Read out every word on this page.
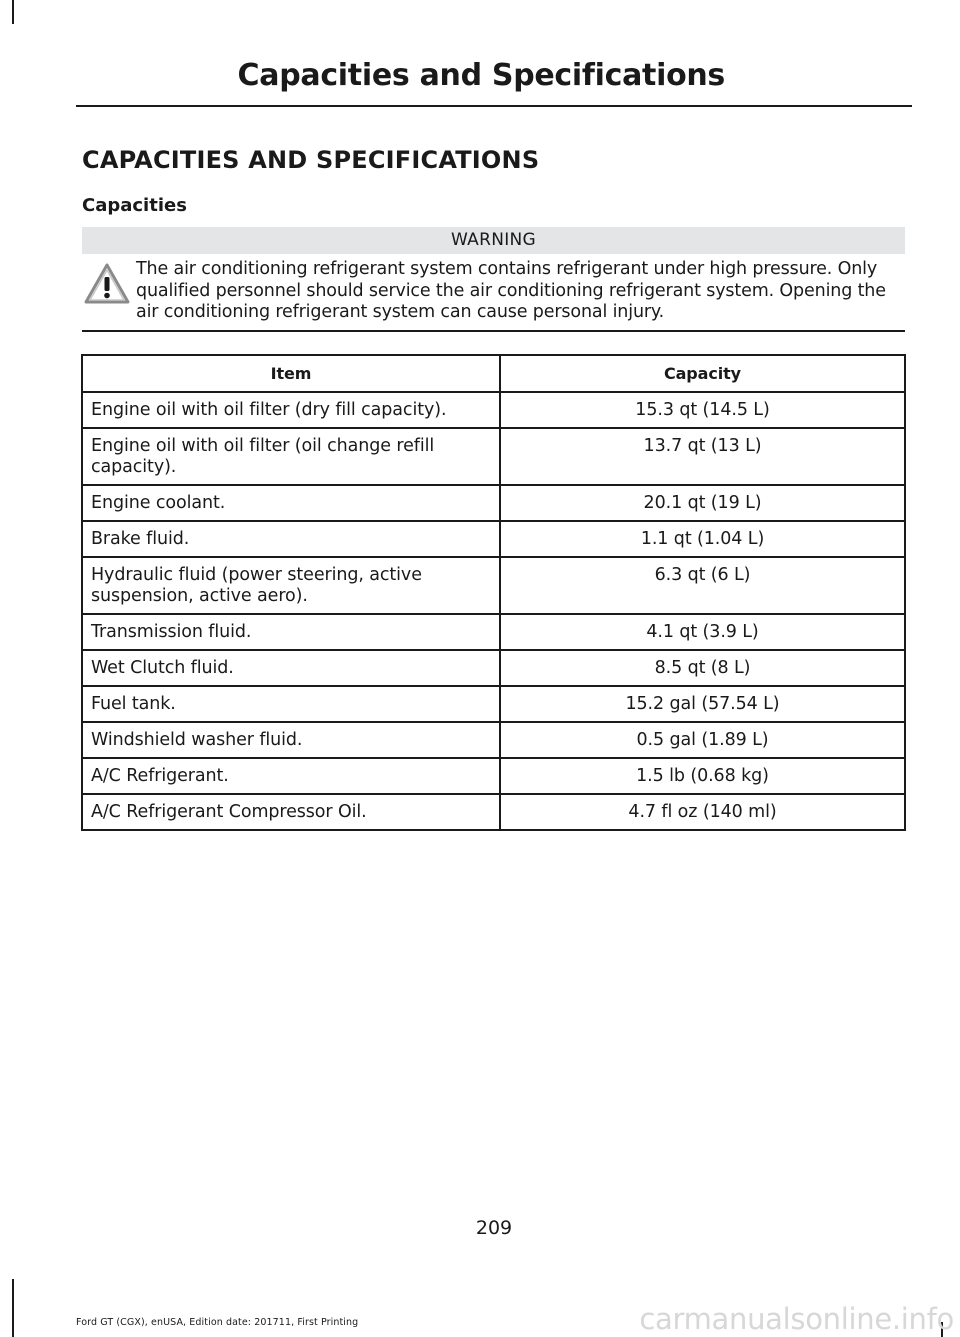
Capacities and Specifications
CAPACITIES AND SPECIFICATIONS
Capacities
WARNING
The air conditioning refrigerant system contains refrigerant under high pressure. Only qualified personnel should service the air conditioning refrigerant system. Opening the air conditioning refrigerant system can cause personal injury.
Item	Capacity
Engine oil with oil filter (dry fill capacity).	15.3 qt (14.5 L)
Engine oil with oil filter (oil change refill capacity).	13.7 qt (13 L)
Engine coolant.	20.1 qt (19 L)
Brake fluid.	1.1 qt (1.04 L)
Hydraulic fluid (power steering, active suspension, active aero).	6.3 qt (6 L)
Transmission fluid.	4.1 qt (3.9 L)
Wet Clutch fluid.	8.5 qt (8 L)
Fuel tank.	15.2 gal (57.54 L)
Windshield washer fluid.	0.5 gal (1.89 L)
A/C Refrigerant.	1.5 lb (0.68 kg)
A/C Refrigerant Compressor Oil.	4.7 fl oz (140 ml)
209
Ford GT (CGX), enUSA, Edition date: 201711, First Printing	carmanualsonline.info
